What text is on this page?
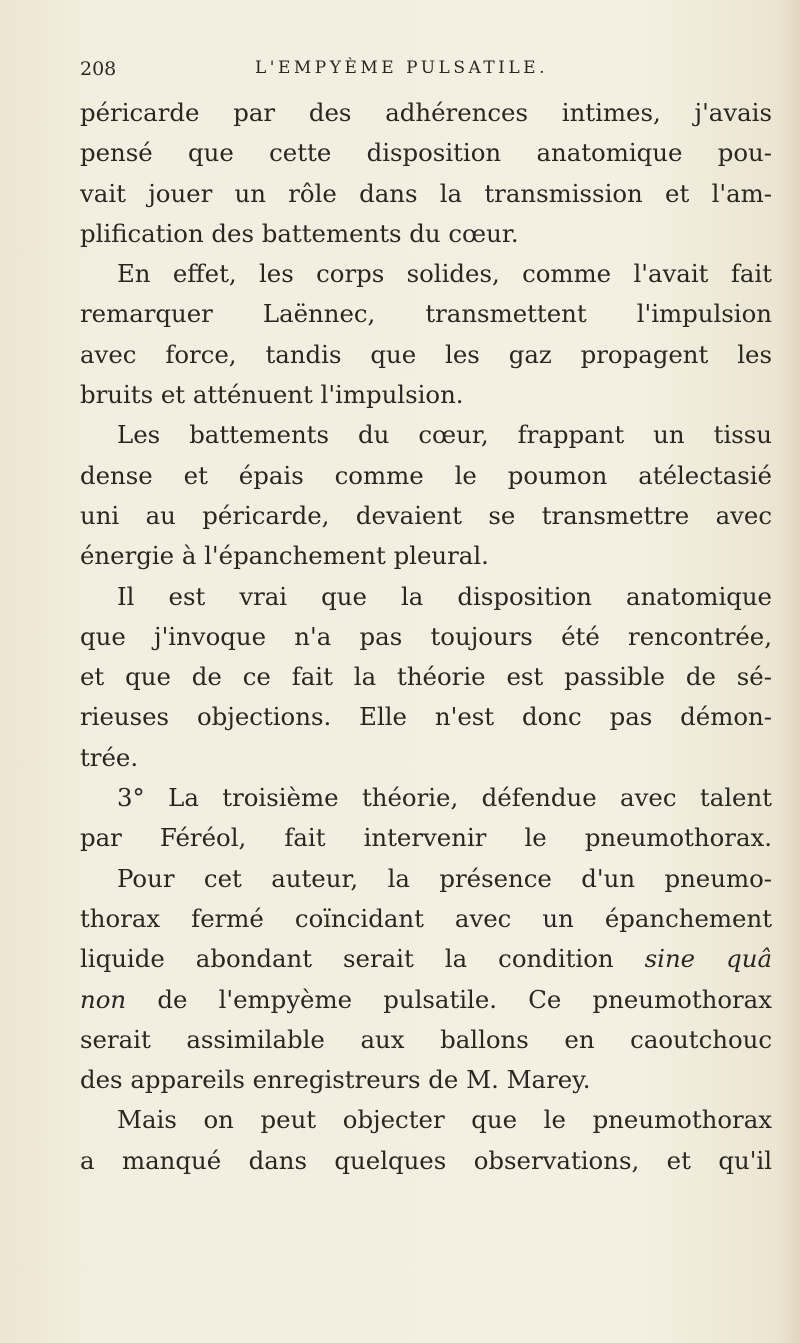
208	L'EMPYÈME PULSATILE.
péricarde par des adhérences intimes, j'avais
pensé que cette disposition anatomique pou-
vait jouer un rôle dans la transmission et l'am-
plification des battements du cœur.
En effet, les corps solides, comme l'avait fait
remarquer Laënnec, transmettent l'impulsion
avec force, tandis que les gaz propagent les
bruits et atténuent l'impulsion.
Les battements du cœur, frappant un tissu
dense et épais comme le poumon atélectasié
uni au péricarde, devaient se transmettre avec
énergie à l'épanchement pleural.
Il est vrai que la disposition anatomique
que j'invoque n'a pas toujours été rencontrée,
et que de ce fait la théorie est passible de sé-
rieuses objections. Elle n'est donc pas démon-
trée.
3° La troisième théorie, défendue avec talent
par Féréol, fait intervenir le pneumothorax.
Pour cet auteur, la présence d'un pneumo-
thorax fermé coïncidant avec un épanchement
liquide abondant serait la condition sine quâ
non de l'empyème pulsatile. Ce pneumothorax
serait assimilable aux ballons en caoutchouc
des appareils enregistreurs de M. Marey.
Mais on peut objecter que le pneumothorax
a manqué dans quelques observations, et qu'il
